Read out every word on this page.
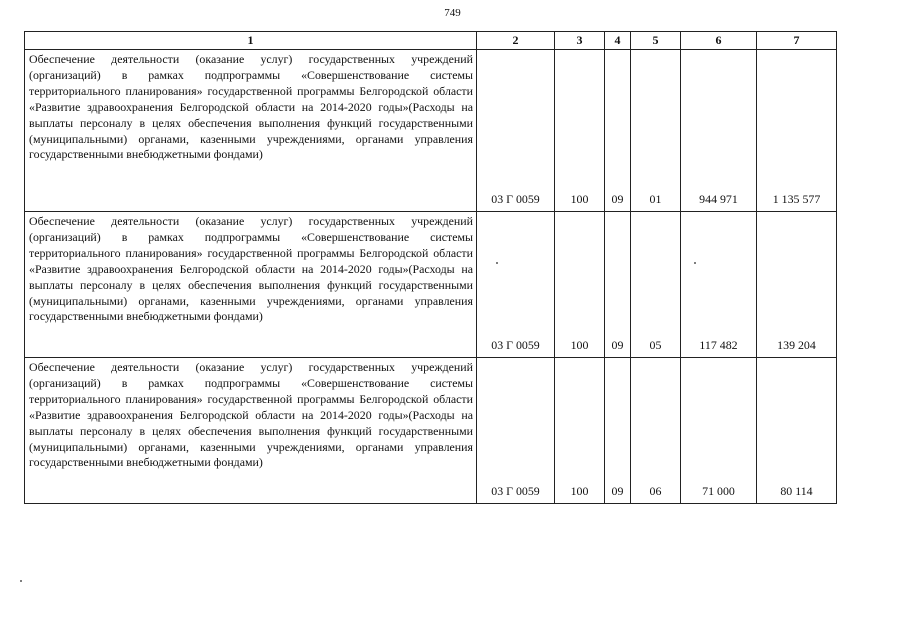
749
1	2	3	4	5	6	7
Обеспечение деятельности (оказание услуг) государственных учреждений (организаций) в рамках подпрограммы «Совершенствование системы территориального планирования» государственной программы Белгородской области «Развитие здравоохранения Белгородской области на 2014-2020 годы»(Расходы на выплаты персоналу в целях обеспечения выполнения функций государственными (муниципальными) органами, казенными учреждениями, органами управления государственными внебюджетными фондами)	03 Г 0059	100	09	01	944 971	1 135 577
Обеспечение деятельности (оказание услуг) государственных учреждений (организаций) в рамках подпрограммы «Совершенствование системы территориального планирования» государственной программы Белгородской области «Развитие здравоохранения Белгородской области на 2014-2020 годы»(Расходы на выплаты персоналу в целях обеспечения выполнения функций государственными (муниципальными) органами, казенными учреждениями, органами управления государственными внебюджетными фондами)	03 Г 0059	100	09	05	117 482	139 204
Обеспечение деятельности (оказание услуг) государственных учреждений (организаций) в рамках подпрограммы «Совершенствование системы территориального планирования» государственной программы Белгородской области «Развитие здравоохранения Белгородской области на 2014-2020 годы»(Расходы на выплаты персоналу в целях обеспечения выполнения функций государственными (муниципальными) органами, казенными учреждениями, органами управления государственными внебюджетными фондами)	03 Г 0059	100	09	06	71 000	80 114
